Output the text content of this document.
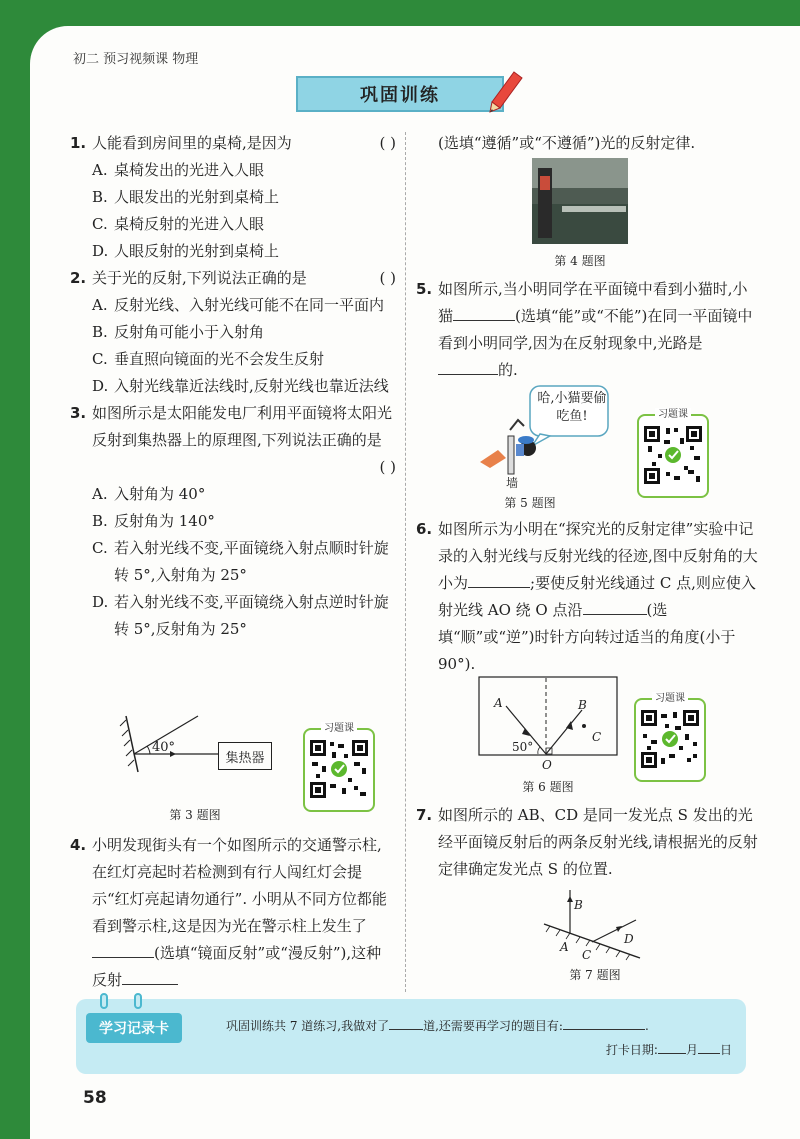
初二 预习视频课 物理
巩固训练
1. 人能看到房间里的桌椅,是因为	( )
A. 桌椅发出的光进入人眼
B. 人眼发出的光射到桌椅上
C. 桌椅反射的光进入人眼
D. 人眼反射的光射到桌椅上
2. 关于光的反射,下列说法正确的是	( )
A. 反射光线、入射光线可能不在同一平面内
B. 反射角可能小于入射角
C. 垂直照向镜面的光不会发生反射
D. 入射光线靠近法线时,反射光线也靠近法线
3. 如图所示是太阳能发电厂利用平面镜将太阳光反射到集热器上的原理图,下列说法正确的是
( )
A. 入射角为 40°
B. 反射角为 140°
C. 若入射光线不变,平面镜绕入射点顺时针旋转 5°,入射角为 25°
D. 若入射光线不变,平面镜绕入射点逆时针旋转 5°,反射角为 25°
40°
集热器
习题课
第 3 题图
4. 小明发现街头有一个如图所示的交通警示柱,在红灯亮起时若检测到有行人闯红灯会提示“红灯亮起请勿通行”. 小明从不同方位都能看到警示柱,这是因为光在警示柱上发生了(选填“镜面反射”或“漫反射”),这种反射
(选填“遵循”或“不遵循”)光的反射定律.
第 4 题图
5. 如图所示,当小明同学在平面镜中看到小猫时,小猫	(选填“能”或“不能”)在同一平面镜中看到小明同学,因为在反射现象中,光路是的.
哈,小猫要偷吃鱼!
墙
习题课
第 5 题图
6. 如图所示为小明在“探究光的反射定律”实验中记录的入射光线与反射光线的径迹,图中反射角的大小为	;要使反射光线通过 C 点,则应使入射光线 AO 绕 O 点沿	(选填“顺”或“逆”)时针方向转过适当的角度(小于 90°).
A	B
C
O
50°
习题课
第 6 题图
7. 如图所示的 AB、CD 是同一发光点 S 发出的光经平面镜反射后的两条反射光线,请根据光的反射定律确定发光点 S 的位置.
B
A
C
D
第 7 题图
学习记录卡	巩固训练共 7 道练习,我做对了	道,还需要再学习的题目有:	.
打卡日期: 月 日
58
